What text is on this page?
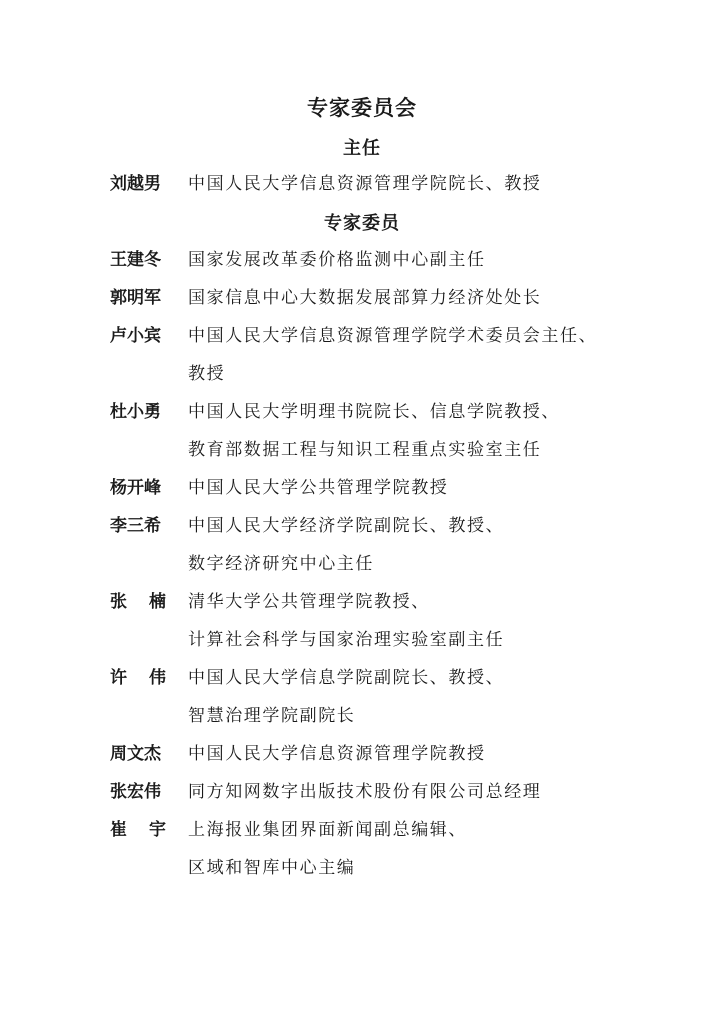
专家委员会
主任
刘越男	中国人民大学信息资源管理学院院长、教授
专家委员
王建冬	国家发展改革委价格监测中心副主任
郭明军	国家信息中心大数据发展部算力经济处处长
卢小宾	中国人民大学信息资源管理学院学术委员会主任、
教授
杜小勇	中国人民大学明理书院院长、信息学院教授、
教育部数据工程与知识工程重点实验室主任
杨开峰	中国人民大学公共管理学院教授
李三希	中国人民大学经济学院副院长、教授、
数字经济研究中心主任
张楠 清华大学公共管理学院教授、
计算社会科学与国家治理实验室副主任
许伟 中国人民大学信息学院副院长、教授、
智慧治理学院副院长
周文杰	中国人民大学信息资源管理学院教授
张宏伟	同方知网数字出版技术股份有限公司总经理
崔宇 上海报业集团界面新闻副总编辑、
区域和智库中心主编
